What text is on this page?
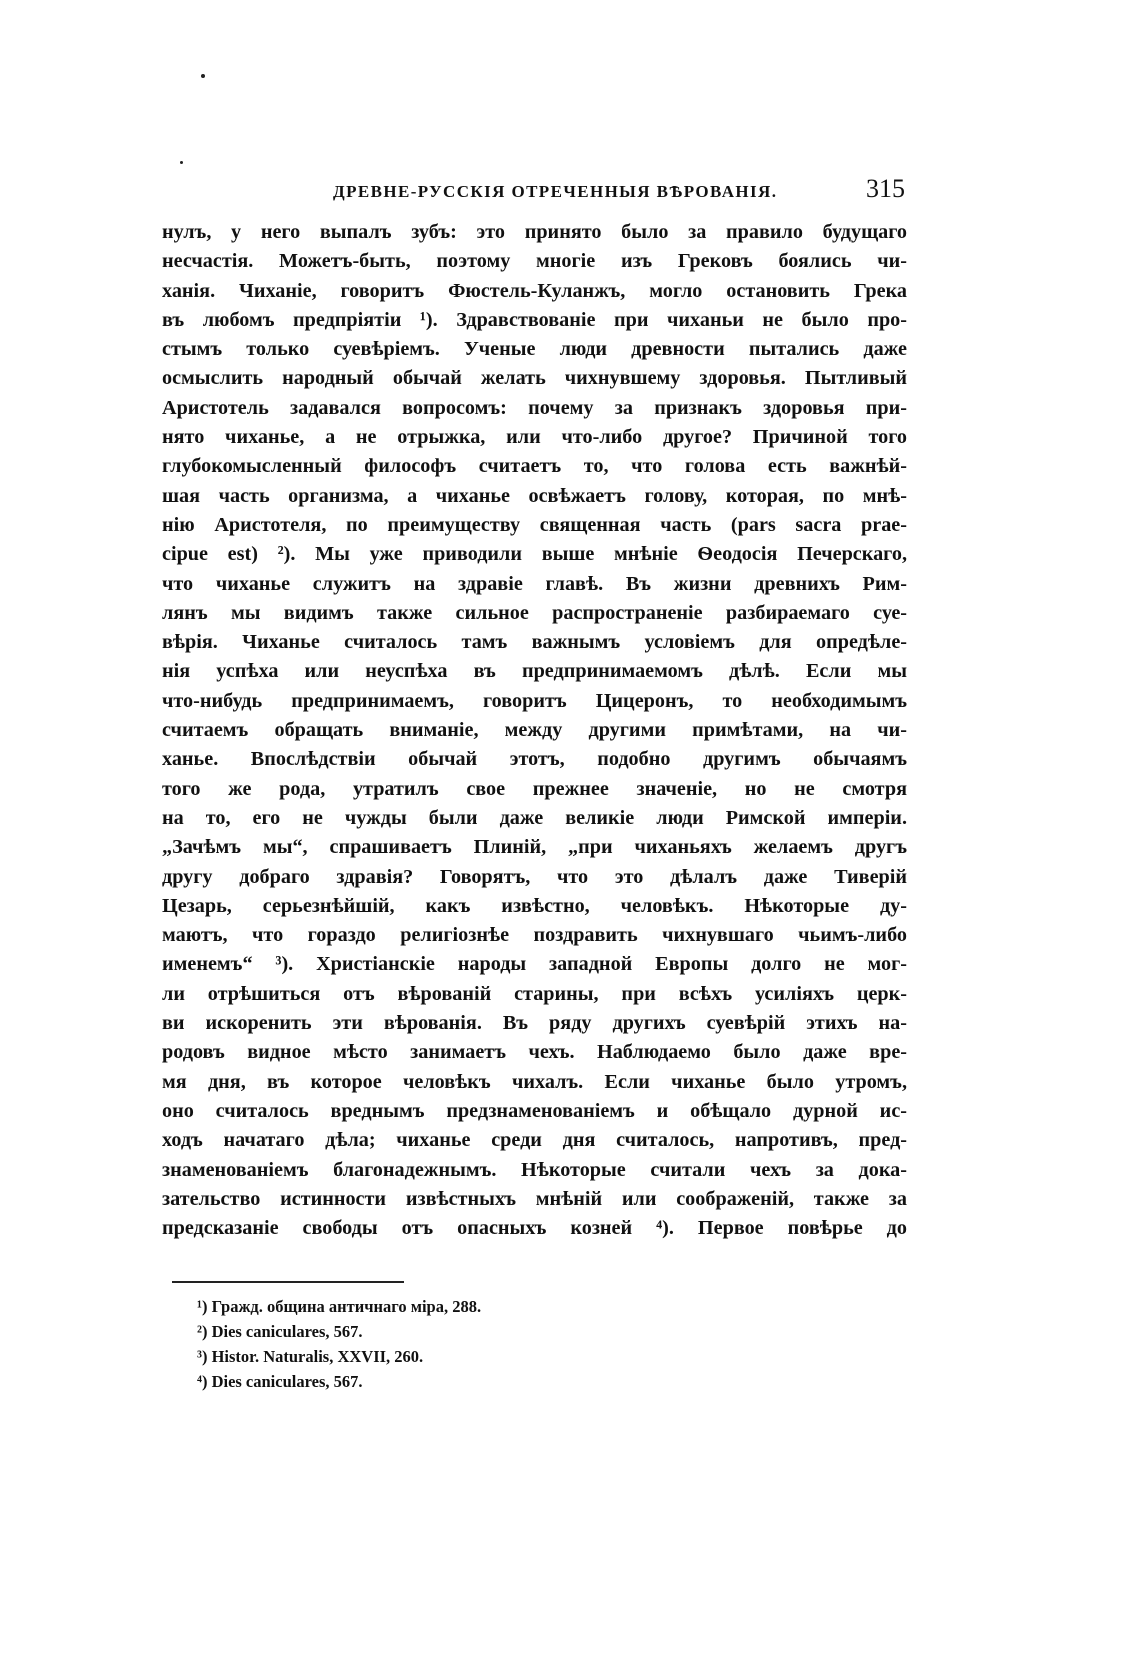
ДРЕВНЕ-РУССКІЯ ОТРЕЧЕННЫЯ ВѢРОВАНІЯ.	315
нулъ, у него выпалъ зубъ: это принято было за правило будущаго
несчастія. Можетъ-быть, поэтому многіе изъ Грековъ боялись чи-
ханія. Чиханіе, говоритъ Фюстель-Куланжъ, могло остановить Грека
въ любомъ предпріятіи ¹). Здравствованіе при чиханьи не было про-
стымъ только суевѣріемъ. Ученые люди древности пытались даже
осмыслить народный обычай желать чихнувшему здоровья. Пытливый
Аристотель задавался вопросомъ: почему за признакъ здоровья при-
нято чиханье, а не отрыжка, или что-либо другое? Причиной того
глубокомысленный философъ считаетъ то, что голова есть важнѣй-
шая часть организма, а чиханье освѣжаетъ голову, которая, по мнѣ-
нію Аристотеля, по преимуществу священная часть (pars sacra prae-
cipue est) ²). Мы уже приводили выше мнѣніе Ѳеодосія Печерскаго,
что чиханье служитъ на здравіе главѣ. Въ жизни древнихъ Рим-
лянъ мы видимъ также сильное распространеніе разбираемаго суе-
вѣрія. Чиханье считалось тамъ важнымъ условіемъ для опредѣле-
нія успѣха или неуспѣха въ предпринимаемомъ дѣлѣ. Если мы
что-нибудь предпринимаемъ, говоритъ Цицеронъ, то необходимымъ
считаемъ обращать вниманіе, между другими примѣтами, на чи-
ханье. Впослѣдствіи обычай этотъ, подобно другимъ обычаямъ
того же рода, утратилъ свое прежнее значеніе, но не смотря
на то, его не чужды были даже великіе люди Римской имперіи.
„Зачѣмъ мы“, спрашиваетъ Плиній, „при чиханьяхъ желаемъ другъ
другу добраго здравія? Говорятъ, что это дѣлалъ даже Тиверій
Цезарь, серьезнѣйшій, какъ извѣстно, человѣкъ. Нѣкоторые ду-
маютъ, что гораздо религіознѣе поздравить чихнувшаго чьимъ-либо
именемъ“ ³). Христіанскіе народы западной Европы долго не мог-
ли отрѣшиться отъ вѣрованій старины, при всѣхъ усиліяхъ церк-
ви искоренить эти вѣрованія. Въ ряду другихъ суевѣрій этихъ на-
родовъ видное мѣсто занимаетъ чехъ. Наблюдаемо было даже вре-
мя дня, въ которое человѣкъ чихалъ. Если чиханье было утромъ,
оно считалось вреднымъ предзнаменованіемъ и обѣщало дурной ис-
ходъ начатаго дѣла; чиханье среди дня считалось, напротивъ, пред-
знаменованіемъ благонадежнымъ. Нѣкоторые считали чехъ за дока-
зательство истинности извѣстныхъ мнѣній или соображеній, также за
предсказаніе свободы отъ опасныхъ козней ⁴). Первое повѣрье до
¹) Гражд. община античнаго міра, 288.
²) Dies caniculares, 567.
³) Histor. Naturalis, XXVII, 260.
⁴) Dies caniculares, 567.
